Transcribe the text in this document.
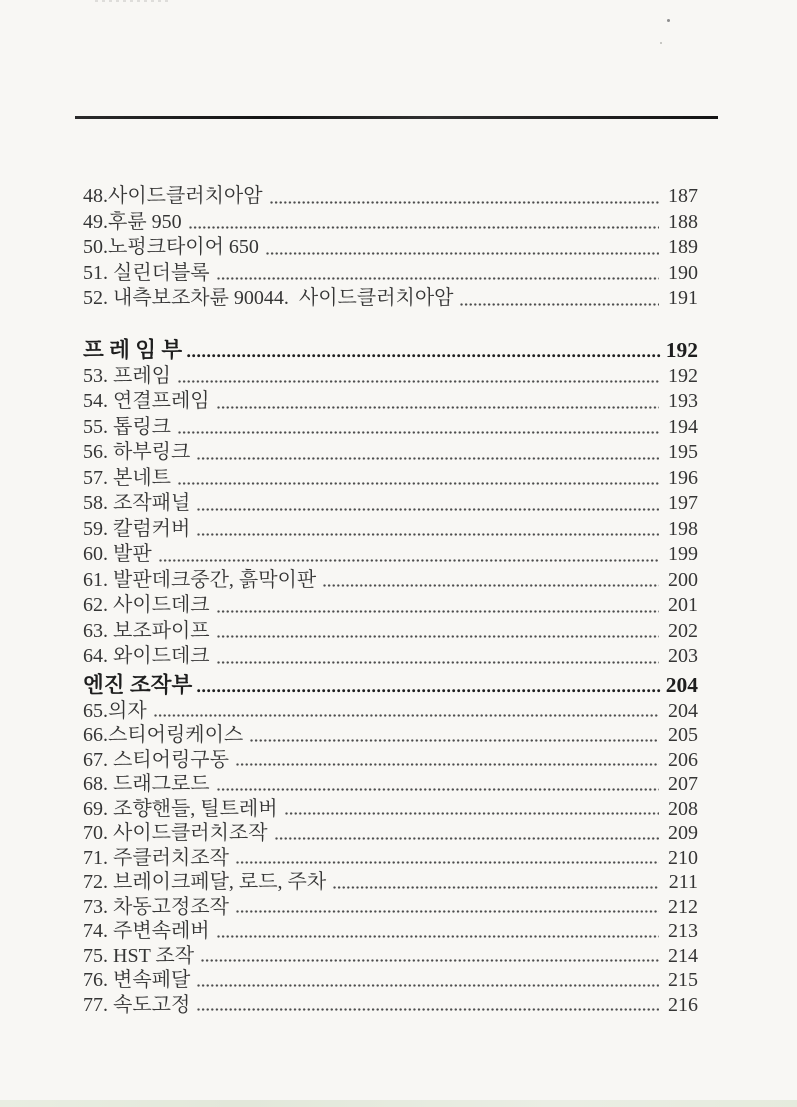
48.사이드클러치아암	187
49.후륜 950	188
50.노펑크타이어 650	189
51. 실린더블록	190
52. 내측보조차륜 90044.  사이드클러치아암	191
프 레 임 부	192
53. 프레임	192
54. 연결프레임	193
55. 톱링크	194
56. 하부링크	195
57. 본네트	196
58. 조작패널	197
59. 칼럼커버	198
60. 발판	199
61. 발판데크중간, 흙막이판	200
62. 사이드데크	201
63. 보조파이프	202
64. 와이드데크	203
엔진 조작부	204
65.의자	204
66.스티어링케이스	205
67. 스티어링구동	206
68. 드래그로드	207
69. 조향핸들, 틸트레버	208
70. 사이드클러치조작	209
71. 주클러치조작	210
72. 브레이크페달, 로드, 주차	211
73. 차동고정조작	212
74. 주변속레버	213
75. HST 조작	214
76. 변속페달	215
77. 속도고정	216
